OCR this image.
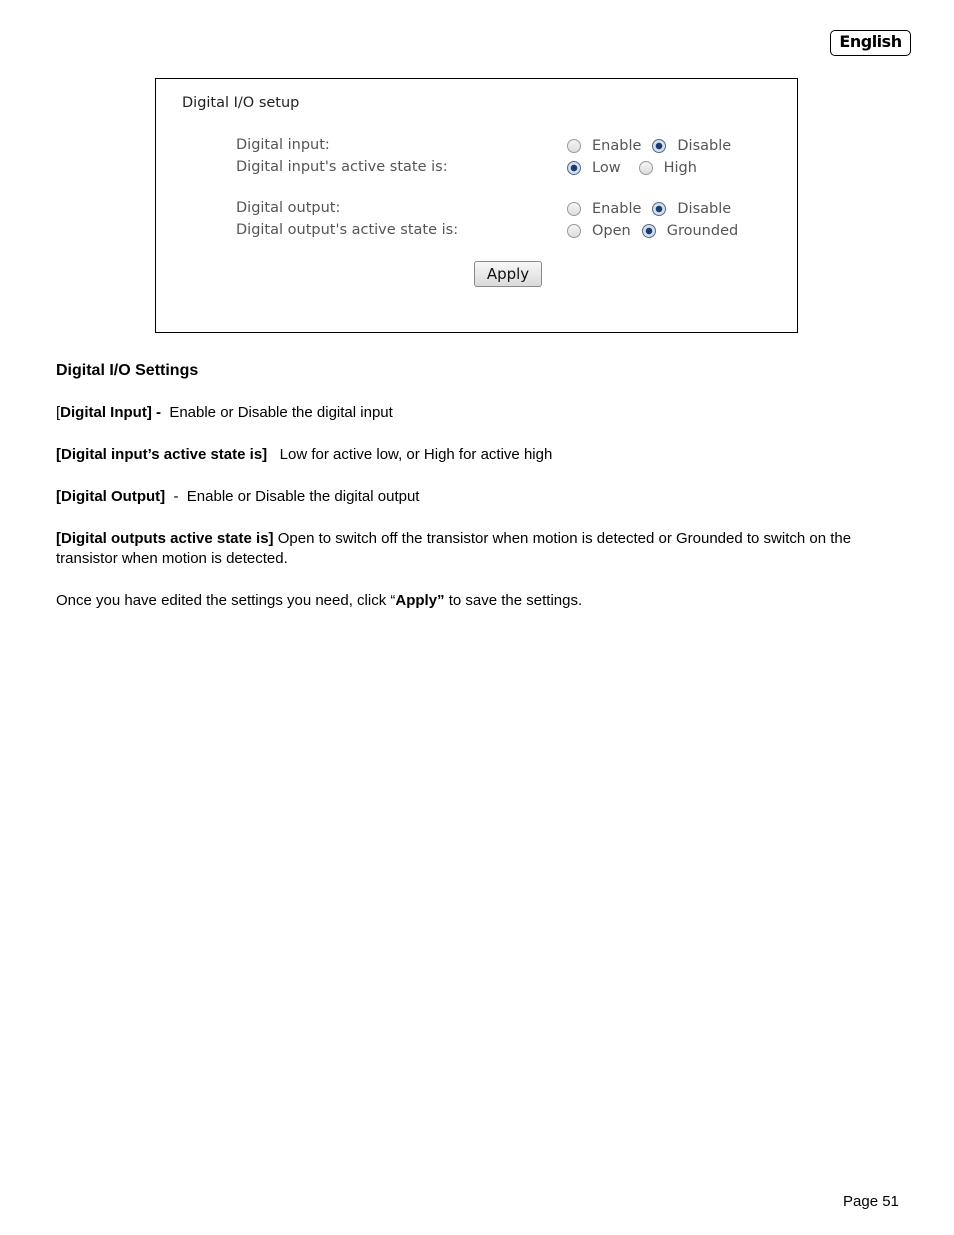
English
Digital I/O setup
Digital input:	Enable Disable
Digital input's active state is:	Low	High
Digital output:	Enable Disable
Digital output's active state is:	Open Grounded
Apply
Digital I/O Settings
[Digital Input] -  Enable or Disable the digital input
[Digital input’s active state is]   Low for active low, or High for active high
[Digital Output]  -  Enable or Disable the digital output
[Digital outputs active state is] Open to switch off the transistor when motion is detected or Grounded to switch on the transistor when motion is detected.
Once you have edited the settings you need, click “Apply” to save the settings.
Page 51
